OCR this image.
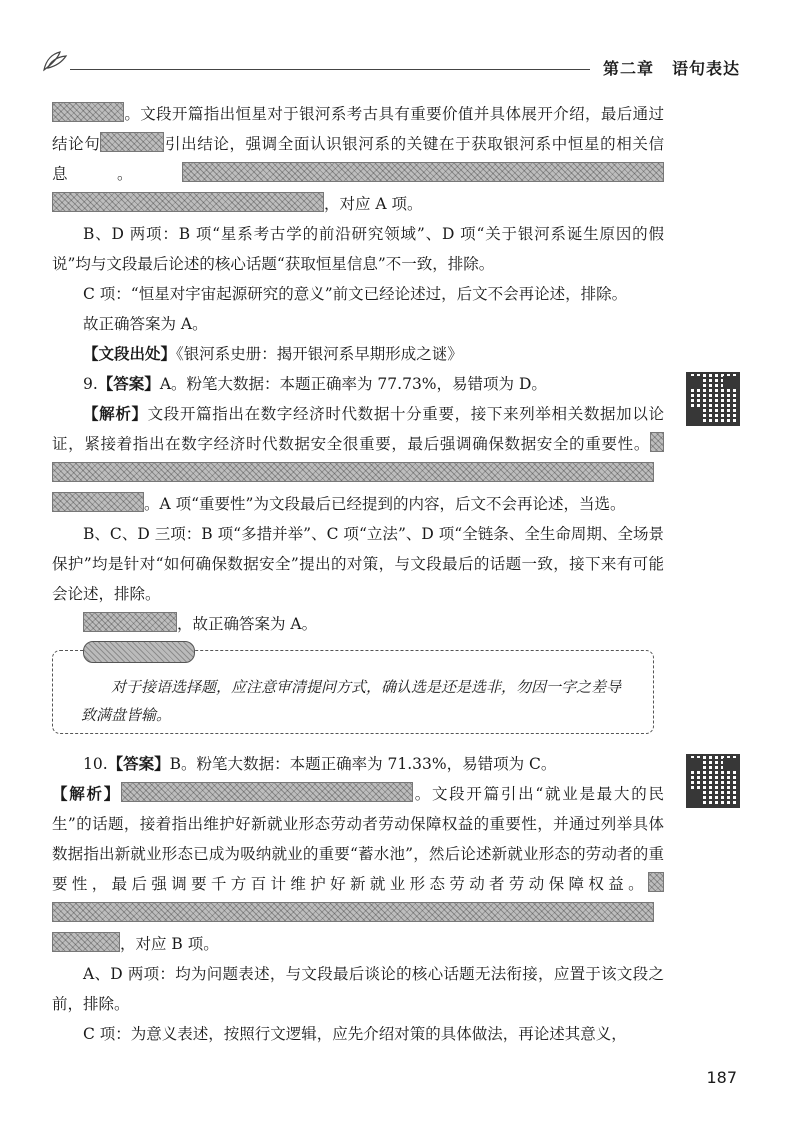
第二章 语句表达

。文段开篇指出恒星对于银河系考古具有重要价值并具体展开介绍，最后通过结论句	引出结论，强调全面认识银河系的关键在于获取银河系中恒星的相关信息。，对应 A 项。

B、D 两项：B 项“星系考古学的前沿研究领域”、D 项“关于银河系诞生原因的假说”均与文段最后论述的核心话题“获取恒星信息”不一致，排除。

C 项：“恒星对宇宙起源研究的意义”前文已经论述过，后文不会再论述，排除。

故正确答案为 A。

【文段出处】《银河系史册：揭开银河系早期形成之谜》

9.【答案】A。粉笔大数据：本题正确率为 77.73%，易错项为 D。

【解析】文段开篇指出在数字经济时代数据十分重要，接下来列举相关数据加以论证，紧接着指出在数字经济时代数据安全很重要，最后强调确保数据安全的重要性。。A 项“重要性”为文段最后已经提到的内容，后文不会再论述，当选。

B、C、D 三项：B 项“多措并举”、C 项“立法”、D 项“全链条、全生命周期、全场景保护”均是针对“如何确保数据安全”提出的对策，与文段最后的话题一致，接下来有可能会论述，排除。

，故正确答案为 A。

对于接语选择题，应注意审清提问方式，确认选是还是选非，勿因一字之差导致满盘皆输。

10.【答案】B。粉笔大数据：本题正确率为 71.33%，易错项为 C。

【解析】	。文段开篇引出“就业是最大的民生”的话题，接着指出维护好新就业形态劳动者劳动保障权益的重要性，并通过列举具体数据指出新就业形态已成为吸纳就业的重要“蓄水池”，然后论述新就业形态的劳动者的重要性，最后强调要千方百计维护好新就业形态劳动者劳动保障权益。，对应 B 项。

A、D 两项：均为问题表述，与文段最后谈论的核心话题无法衔接，应置于该文段之前，排除。

C 项：为意义表述，按照行文逻辑，应先介绍对策的具体做法，再论述其意义，

187
